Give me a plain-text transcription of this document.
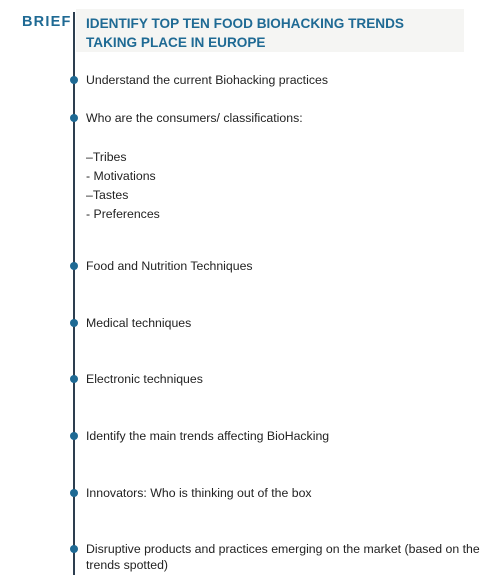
BRIEF IDENTIFY TOP TEN FOOD BIOHACKING TRENDS TAKING PLACE IN EUROPE
Understand the current Biohacking practices
Who are the consumers/ classifications:
–Tribes
- Motivations
–Tastes
- Preferences
Food and Nutrition Techniques
Medical techniques
Electronic techniques
Identify the main trends affecting BioHacking
Innovators: Who is thinking out of the box
Disruptive products and practices emerging on the market (based on the trends spotted)
